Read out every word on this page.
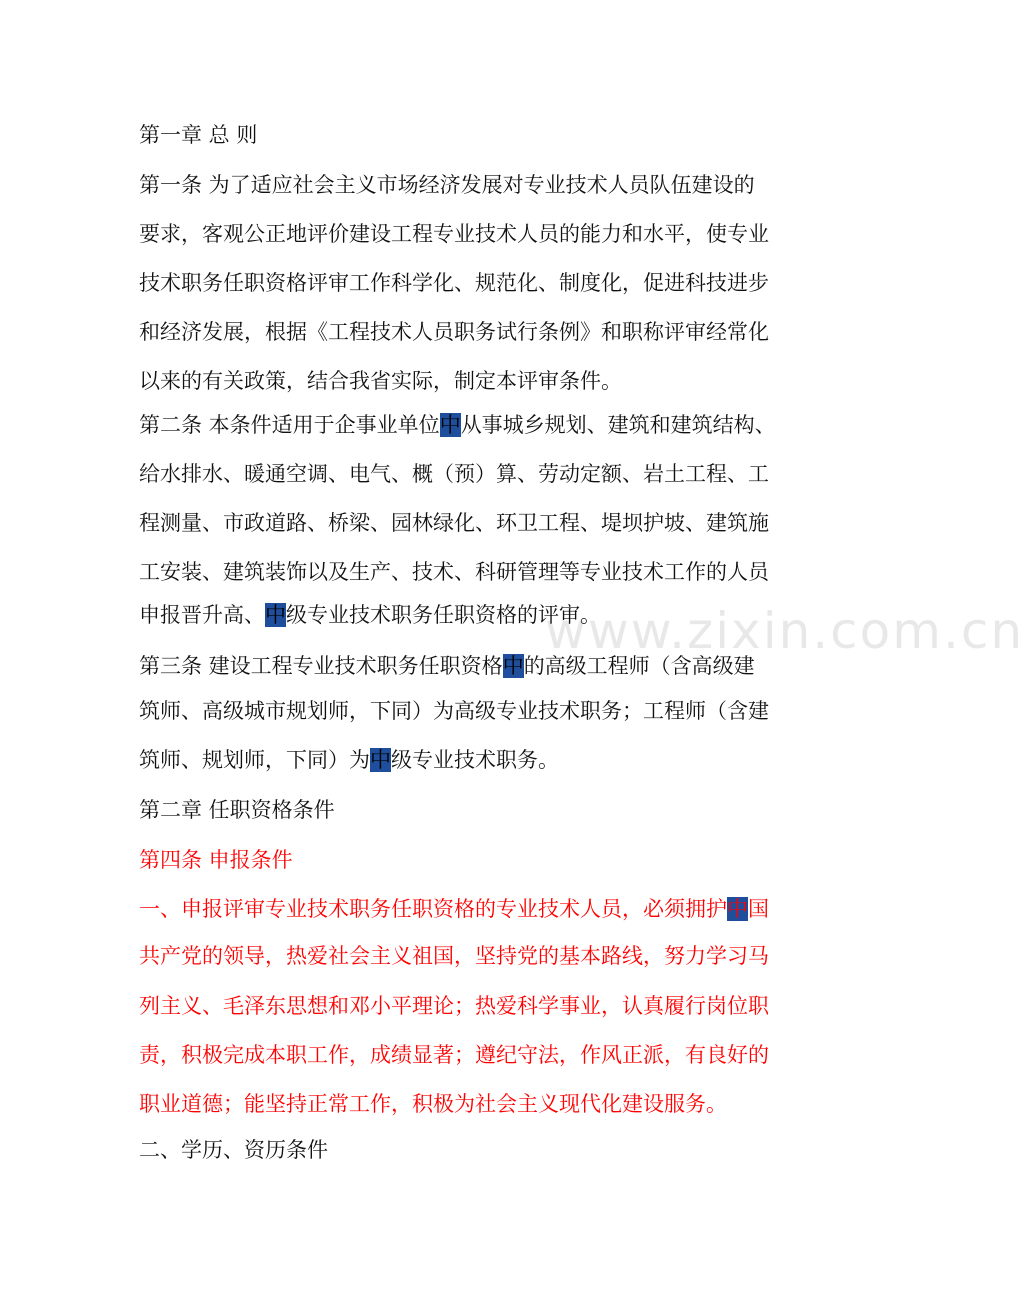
www.zixin.com.cn
第一章 总 则
第一条 为了适应社会主义市场经济发展对专业技术人员队伍建设的
要求，客观公正地评价建设工程专业技术人员的能力和水平，使专业
技术职务任职资格评审工作科学化、规范化、制度化，促进科技进步
和经济发展，根据《工程技术人员职务试行条例》和职称评审经常化
以来的有关政策，结合我省实际，制定本评审条件。
第二条 本条件适用于企事业单位中从事城乡规划、建筑和建筑结构、
给水排水、暖通空调、电气、概（预）算、劳动定额、岩土工程、工
程测量、市政道路、桥梁、园林绿化、环卫工程、堤坝护坡、建筑施
工安装、建筑装饰以及生产、技术、科研管理等专业技术工作的人员
申报晋升高、中级专业技术职务任职资格的评审。
第三条 建设工程专业技术职务任职资格中的高级工程师（含高级建
筑师、高级城市规划师，下同）为高级专业技术职务；工程师（含建
筑师、规划师，下同）为中级专业技术职务。
第二章 任职资格条件
第四条 申报条件
一、申报评审专业技术职务任职资格的专业技术人员，必须拥护中国
共产党的领导，热爱社会主义祖国，坚持党的基本路线，努力学习马
列主义、毛泽东思想和邓小平理论；热爱科学事业，认真履行岗位职
责，积极完成本职工作，成绩显著；遵纪守法，作风正派，有良好的
职业道德；能坚持正常工作，积极为社会主义现代化建设服务。
二、学历、资历条件
